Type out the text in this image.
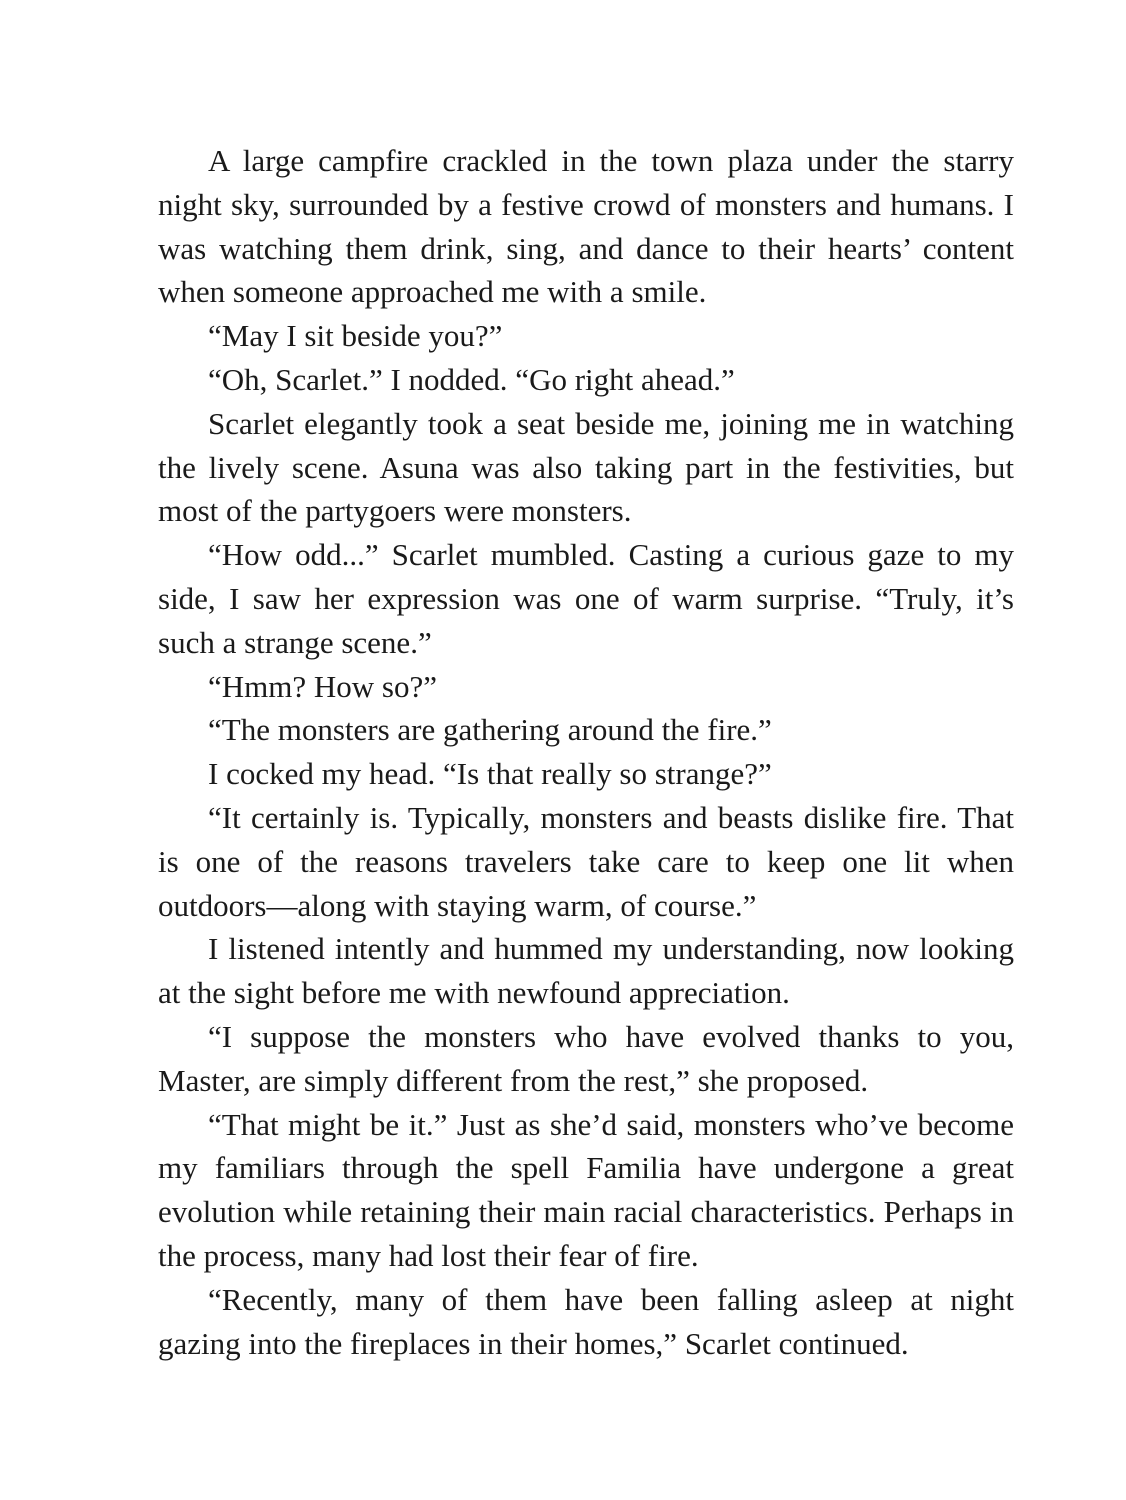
A large campfire crackled in the town plaza under the starry night sky, surrounded by a festive crowd of monsters and humans. I was watching them drink, sing, and dance to their hearts’ content when someone approached me with a smile.

“May I sit beside you?”

“Oh, Scarlet.” I nodded. “Go right ahead.”

Scarlet elegantly took a seat beside me, joining me in watching the lively scene. Asuna was also taking part in the festivities, but most of the partygoers were monsters.

“How odd...” Scarlet mumbled. Casting a curious gaze to my side, I saw her expression was one of warm surprise. “Truly, it’s such a strange scene.”

“Hmm? How so?”

“The monsters are gathering around the fire.”

I cocked my head. “Is that really so strange?”

“It certainly is. Typically, monsters and beasts dislike fire. That is one of the reasons travelers take care to keep one lit when outdoors—along with staying warm, of course.”

I listened intently and hummed my understanding, now looking at the sight before me with newfound appreciation.

“I suppose the monsters who have evolved thanks to you, Master, are simply different from the rest,” she proposed.

“That might be it.” Just as she’d said, monsters who’ve become my familiars through the spell Familia have undergone a great evolution while retaining their main racial characteristics. Perhaps in the process, many had lost their fear of fire.

“Recently, many of them have been falling asleep at night gazing into the fireplaces in their homes,” Scarlet continued.
